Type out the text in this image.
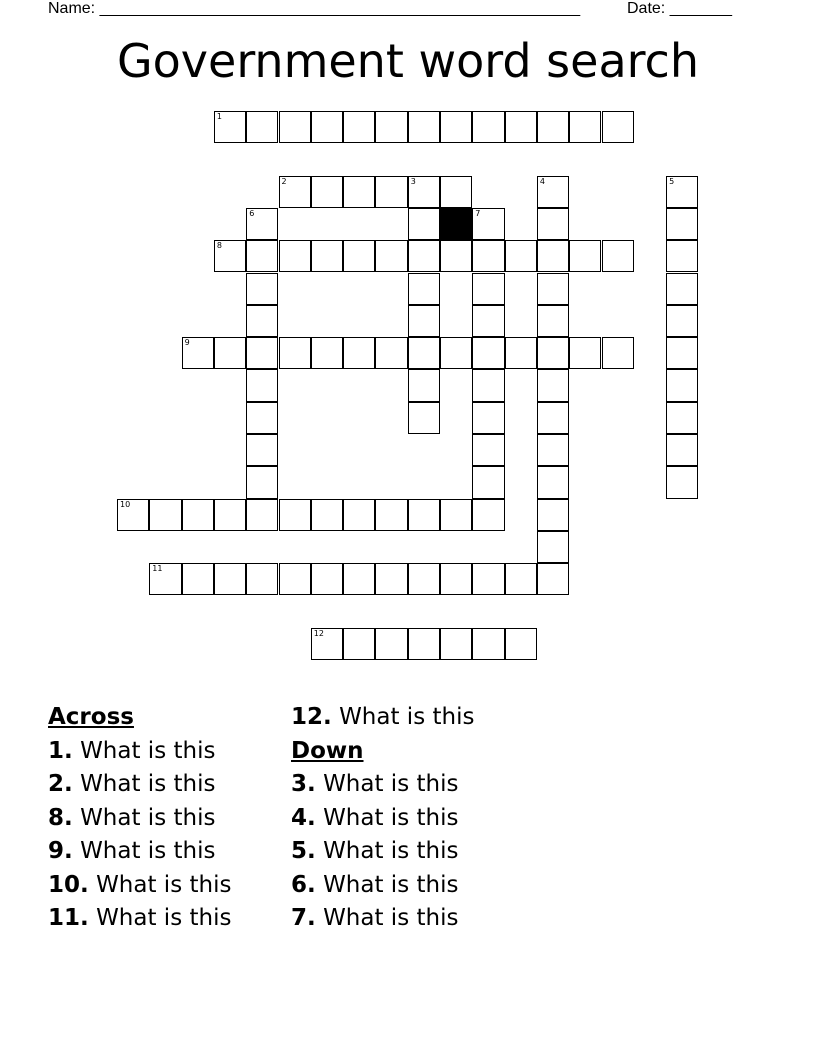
Name: ______________________________________________________	Date: _______
Government word search
1
2	3
8
9
10
11
12
4	5
6	7
Across
1. What is this
2. What is this
8. What is this
9. What is this
10. What is this
11. What is this
12. What is this
Down
3. What is this
4. What is this
5. What is this
6. What is this
7. What is this
